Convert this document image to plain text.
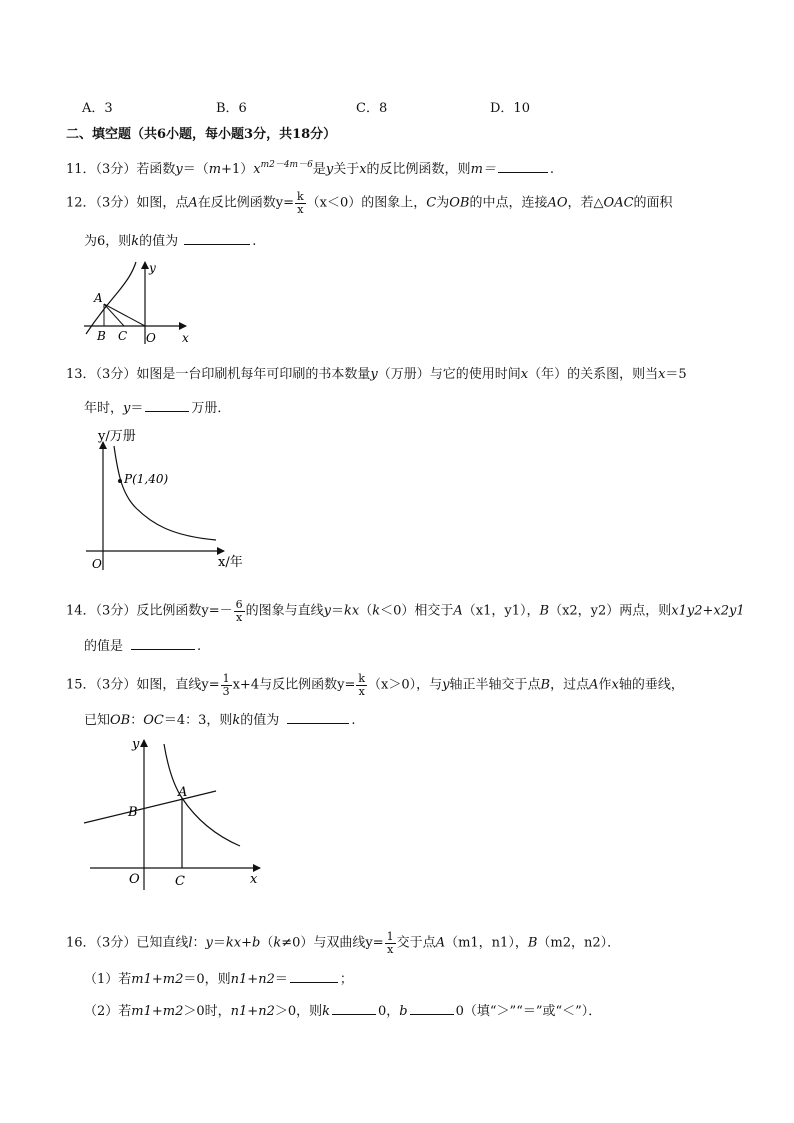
A．3	B．6	C．8	D．10
二、填空题（共6小题，每小题3分，共18分）
11．（3分）若函数$y=(m+1)x^{m2-4m-6}$是y关于x的反比例函数，则m＝	.
12．（3分）如图，点A在反比例函数$y= \frac{k}{x} (x<0)$的图象上，C为OB的中点，连接AO，若△OAC的面积
为6，则k的值为	.
A
B C O x
y
13．（3分）如图是一台印刷机每年可印刷的书本数量y（万册）与它的使用时间x（年）的关系图，则当x＝5
年时，y＝	万册．
P(1,40)
y/万册
x/年
O
14．（3分）反比例函数$y=- \frac{6}{x}$ 的图象与直线y＝kx（k＜0）相交于A（x1，y1），B（x2，y2）两点，则x1y2+x2y1
的值是	.
15．（3分）如图，直线$y= \frac{1}{3} x+4$与反比例函数$y= \frac{k}{x} (x>0)$，与y轴正半轴交于点B，过点A作x轴的垂线，
已知OB：OC＝4：3，则k的值为	.
A
B
C
O	x
y
16．（3分）已知直线l：y＝kx+b（k≠0）与双曲线$y= \frac{1}{x}$ 交于点A（m1，n1），B（m2，n2）．
（1）若m1+m2＝0，则n1+n2＝	；
（2）若m1+m2＞0时，n1+n2＞0，则k	0，b	0（填“＞”“＝”或“＜”）．
